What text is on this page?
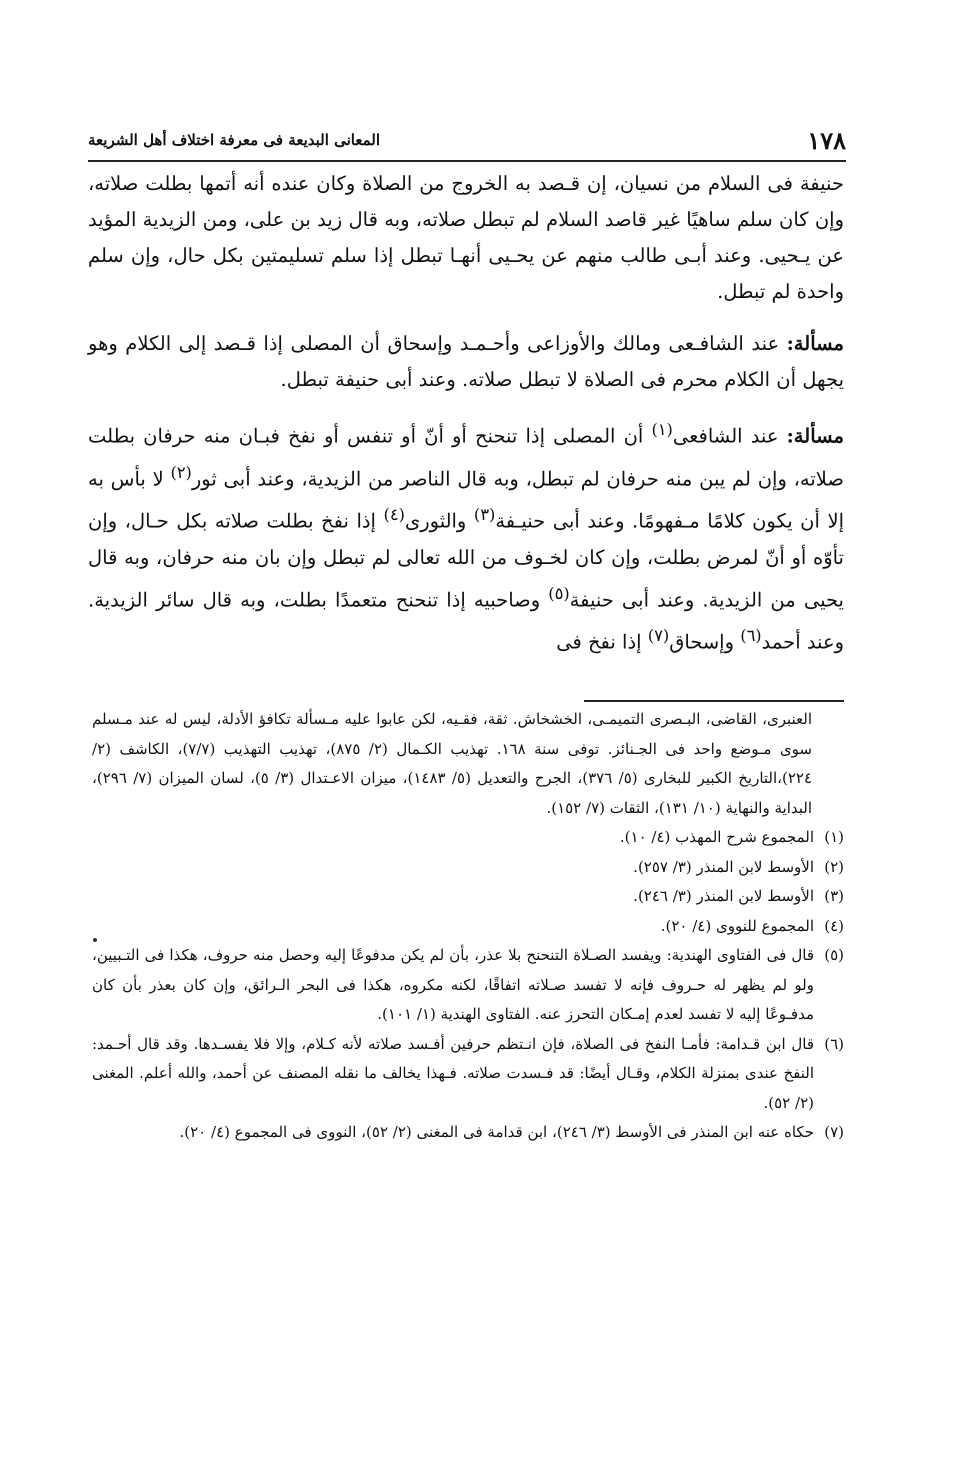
١٧٨
المعانى البديعة فى معرفة اختلاف أهل الشريعة

حنيفة فى السلام من نسيان، إن قـصد به الخروج من الصلاة وكان عنده أنه أتمها بطلت صلاته، وإن كان سلم ساهيًا غير قاصد السلام لم تبطل صلاته، وبه قال زيد بن على، ومن الزيدية المؤيد عن يـحيى. وعند أبـى طالب منهم عن يحـيى أنهـا تبطل إذا سلم تسليمتين بكل حال، وإن سلم واحدة لم تبطل.

مسألة: عند الشافـعى ومالك والأوزاعى وأحـمـد وإسحاق أن المصلى إذا قـصد إلى الكلام وهو يجهل أن الكلام محرم فى الصلاة لا تبطل صلاته. وعند أبى حنيفة تبطل.

مسألة: عند الشافعى$^{(١)}$ أن المصلى إذا تنحنح أو أنّ أو تنفس أو نفخ فبـان منه حرفان بطلت صلاته، وإن لم يبن منه حرفان لم تبطل، وبه قال الناصر من الزيدية، وعند أبى ثور$^{(٢)}$ لا بأس به إلا أن يكون كلامًا مـفهومًا. وعند أبى حنيـفة$^{(٣)}$ والثورى$^{(٤)}$ إذا نفخ بطلت صلاته بكل حـال، وإن تأوّه أو أنّ لمرض بطلت، وإن كان لخـوف من الله تعالى لم تبطل وإن بان منه حرفان، وبه قال يحيى من الزيدية. وعند أبى حنيفة$^{(٥)}$ وصاحبيه إذا تنحنح متعمدًا بطلت، وبه قال سائر الزيدية. وعند أحمد$^{(٦)}$ وإسحاق$^{(٧)}$ إذا نفخ فى

العنبرى، القاضى، البـصرى التميمـى، الخشخاش. ثقة، فقـيه، لكن عابوا عليه مـسألة تكافؤ الأدلة، ليس له عند مـسلم سوى مـوضع واحد فى الجـنائز. توفى سنة ١٦٨. تهذيب الكـمال (٢/ ٨٧٥)، تهذيب التهذيب (٧/٧)، الكاشف (٢/ ٢٢٤)،التاريخ الكبير للبخارى (٥/ ٣٧٦)، الجرح والتعديل (٥/ ١٤٨٣)، ميزان الاعـتدال (٣/ ٥)، لسان الميزان (٧/ ٢٩٦)، البداية والنهاية (١٠/ ١٣١)، الثقات (٧/ ١٥٢).

(١)المجموع شرح المهذب (٤/ ١٠).

(٢)الأوسط لابن المنذر (٣/ ٢٥٧).

(٣)الأوسط لابن المنذر (٣/ ٢٤٦).

(٤)المجموع للنووى (٤/ ٢٠).

(٥)قال فى الفتاوى الهندية: ويفسد الصـلاة التنحنح بلا عذر، بأن لم يكن مدفوعًا إليه وحصل منه حروف، هكذا فى التـبيين، ولو لم يظهر له حـروف فإنه لا تفسد صـلاته اتفاقًا، لكنه مكروه، هكذا فى البحر الـرائق، وإن كان بعذر بأن كان مدفـوعًا إليه لا تفسد لعدم إمـكان التحرز عنه. الفتاوى الهندية (١/ ١٠١).

(٦)قال ابن قـدامة: فأمـا النفخ فى الصلاة، فإن انـتظم حرفين أفـسد صلاته لأنه كـلام، وإلا فلا يفسـدها. وقد قال أحـمد: النفخ عندى بمنزلة الكلام، وقـال أيضًا: قد فـسدت صلاته. فـهذا يخالف ما نقله المصنف عن أحمد، والله أعلم. المغنى (٢/ ٥٢).

(٧)حكاه عنه ابن المنذر فى الأوسط (٣/ ٢٤٦)، ابن قدامة فى المغنى (٢/ ٥٢)، النووى فى المجموع (٤/ ٢٠).
